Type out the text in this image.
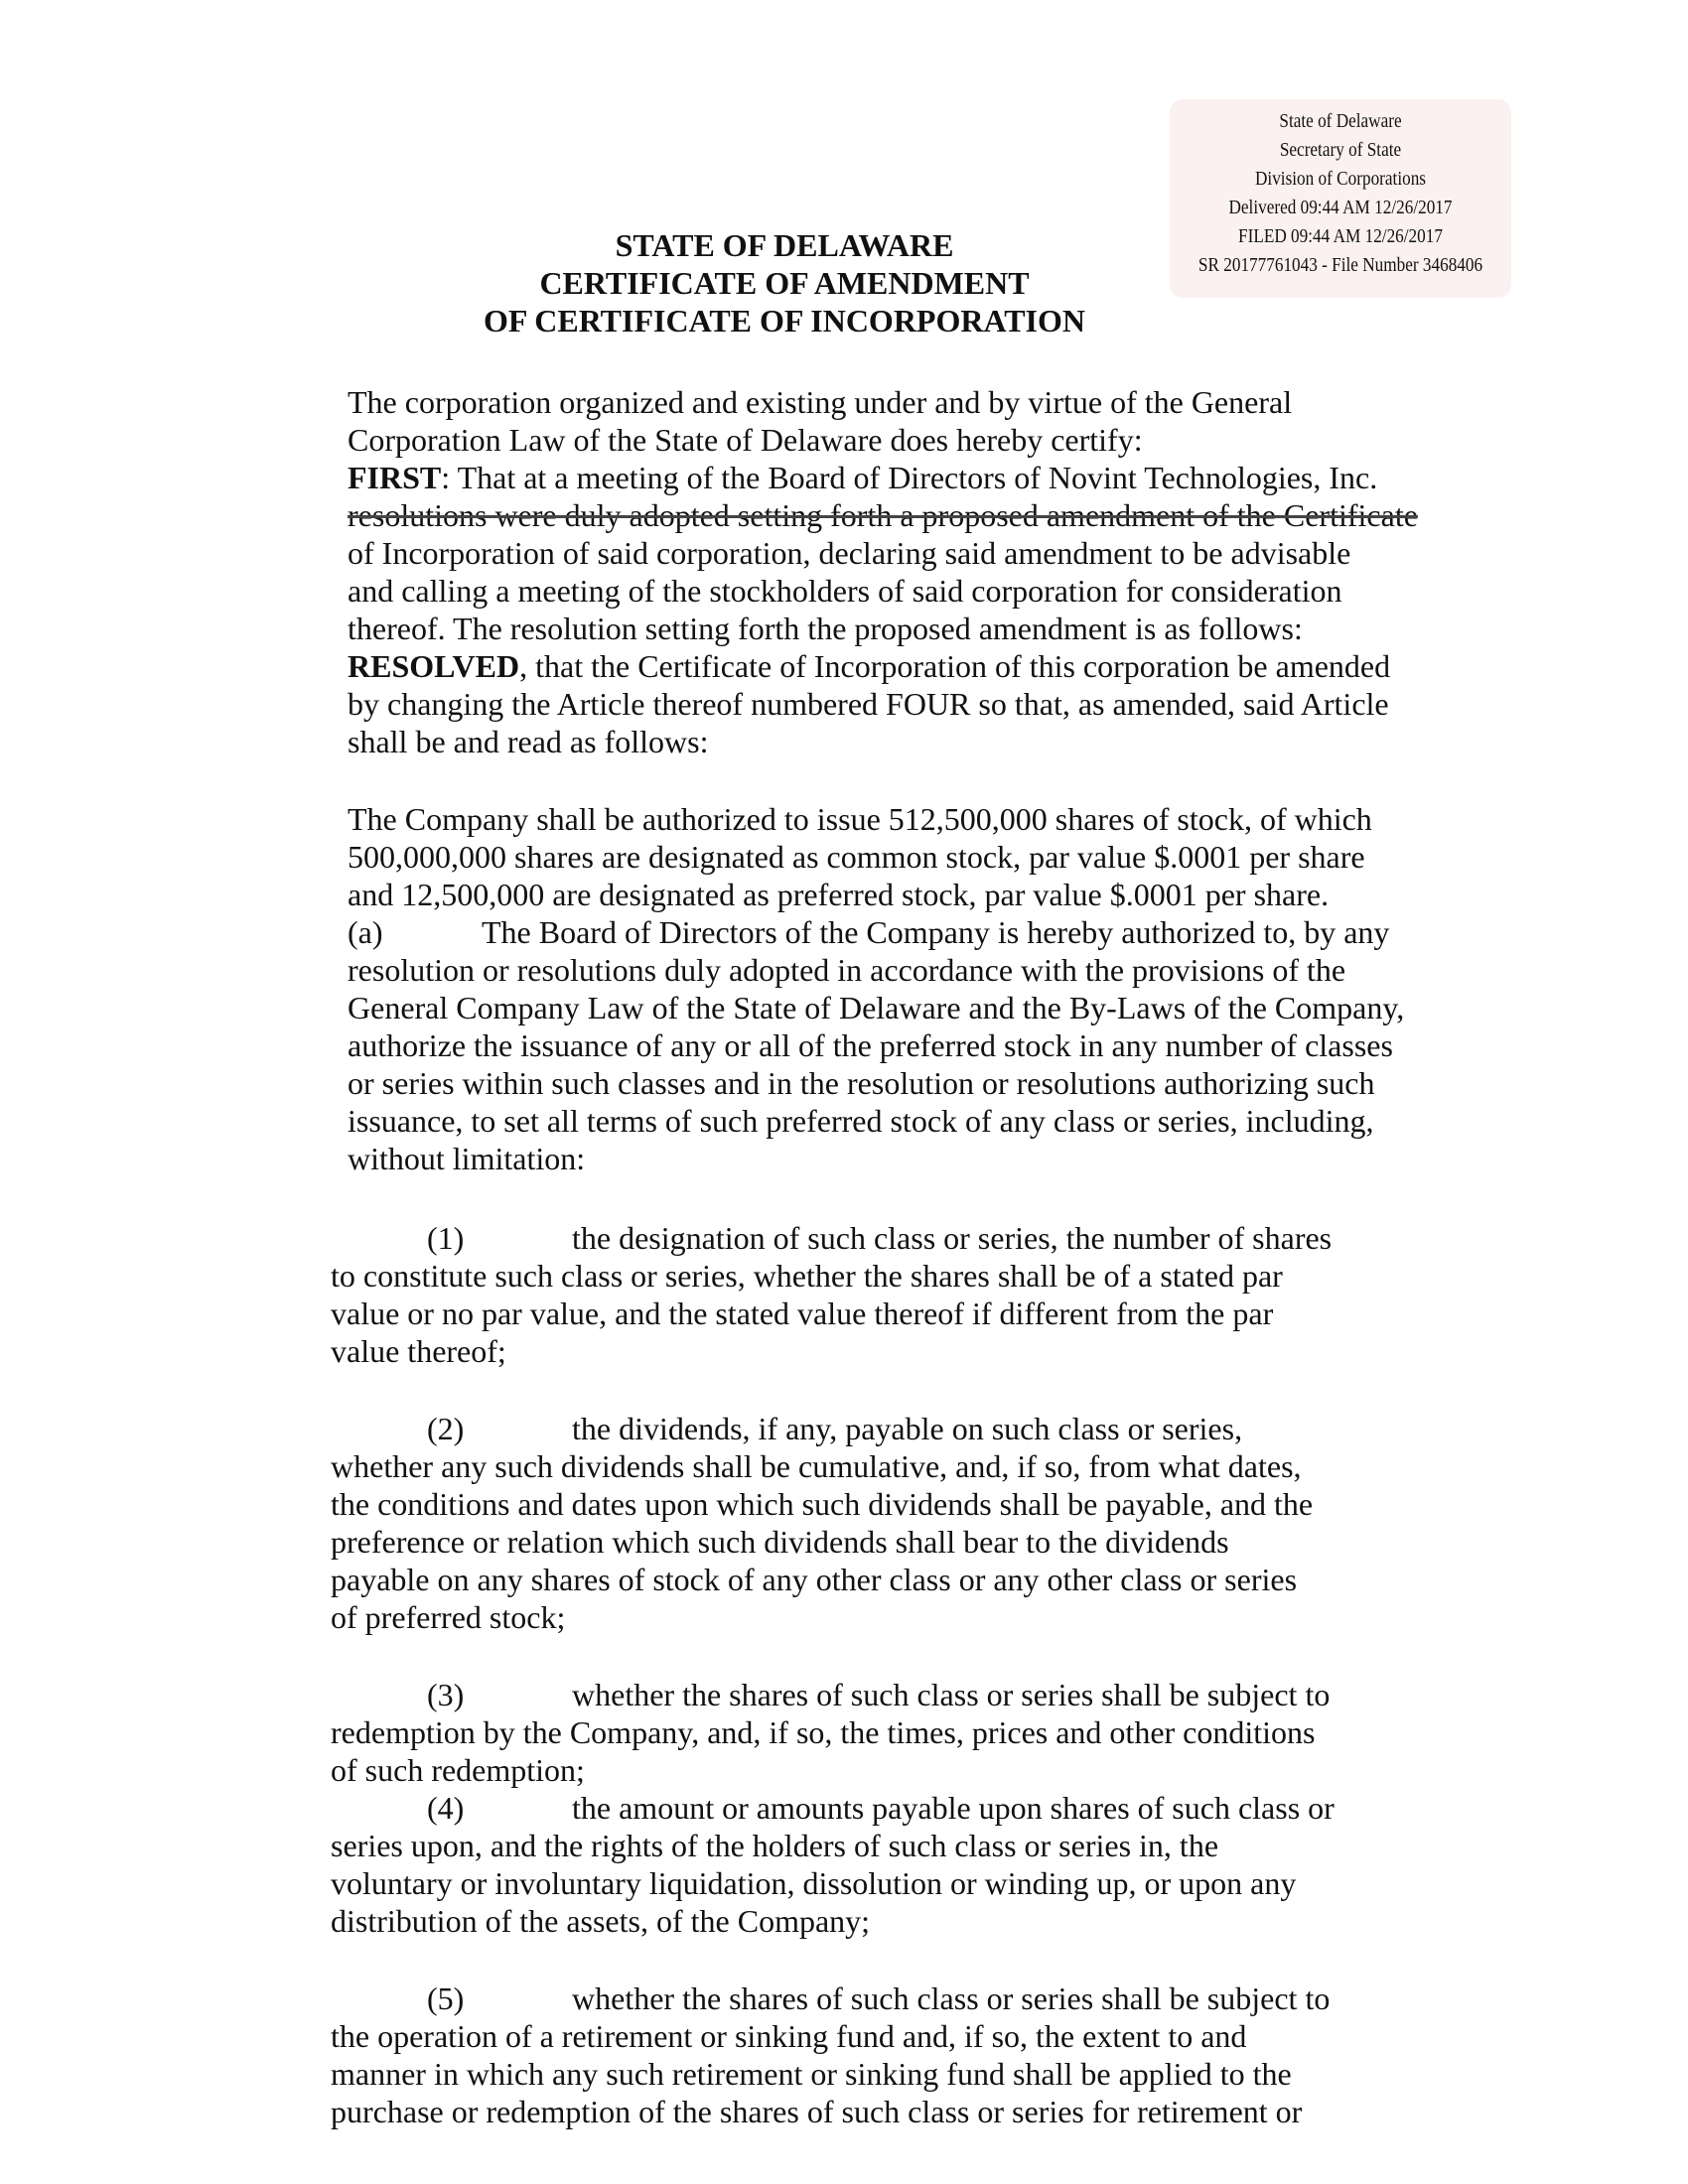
State of Delaware
Secretary of State
Division of Corporations
Delivered 09:44 AM 12/26/2017
FILED 09:44 AM 12/26/2017
SR 20177761043 - File Number 3468406
STATE OF DELAWARE
CERTIFICATE OF AMENDMENT
OF CERTIFICATE OF INCORPORATION
The corporation organized and existing under and by virtue of the General
Corporation Law of the State of Delaware does hereby certify:
FIRST: That at a meeting of the Board of Directors of Novint Technologies, Inc.
resolutions were duly adopted setting forth a proposed amendment of the Certificate
of Incorporation of said corporation, declaring said amendment to be advisable
and calling a meeting of the stockholders of said corporation for consideration
thereof. The resolution setting forth the proposed amendment is as follows:
RESOLVED, that the Certificate of Incorporation of this corporation be amended
by changing the Article thereof numbered FOUR so that, as amended, said Article
shall be and read as follows:
The Company shall be authorized to issue 512,500,000 shares of stock, of which
500,000,000 shares are designated as common stock, par value $.0001 per share
and 12,500,000 are designated as preferred stock, par value $.0001 per share.
(a)	The Board of Directors of the Company is hereby authorized to, by any
resolution or resolutions duly adopted in accordance with the provisions of the
General Company Law of the State of Delaware and the By-Laws of the Company,
authorize the issuance of any or all of the preferred stock in any number of classes
or series within such classes and in the resolution or resolutions authorizing such
issuance, to set all terms of such preferred stock of any class or series, including,
without limitation:
(1)	the designation of such class or series, the number of shares
to constitute such class or series, whether the shares shall be of a stated par
value or no par value, and the stated value thereof if different from the par
value thereof;
(2)	the dividends, if any, payable on such class or series,
whether any such dividends shall be cumulative, and, if so, from what dates,
the conditions and dates upon which such dividends shall be payable, and the
preference or relation which such dividends shall bear to the dividends
payable on any shares of stock of any other class or any other class or series
of preferred stock;
(3)	whether the shares of such class or series shall be subject to
redemption by the Company, and, if so, the times, prices and other conditions
of such redemption;
(4)	the amount or amounts payable upon shares of such class or
series upon, and the rights of the holders of such class or series in, the
voluntary or involuntary liquidation, dissolution or winding up, or upon any
distribution of the assets, of the Company;
(5)	whether the shares of such class or series shall be subject to
the operation of a retirement or sinking fund and, if so, the extent to and
manner in which any such retirement or sinking fund shall be applied to the
purchase or redemption of the shares of such class or series for retirement or
